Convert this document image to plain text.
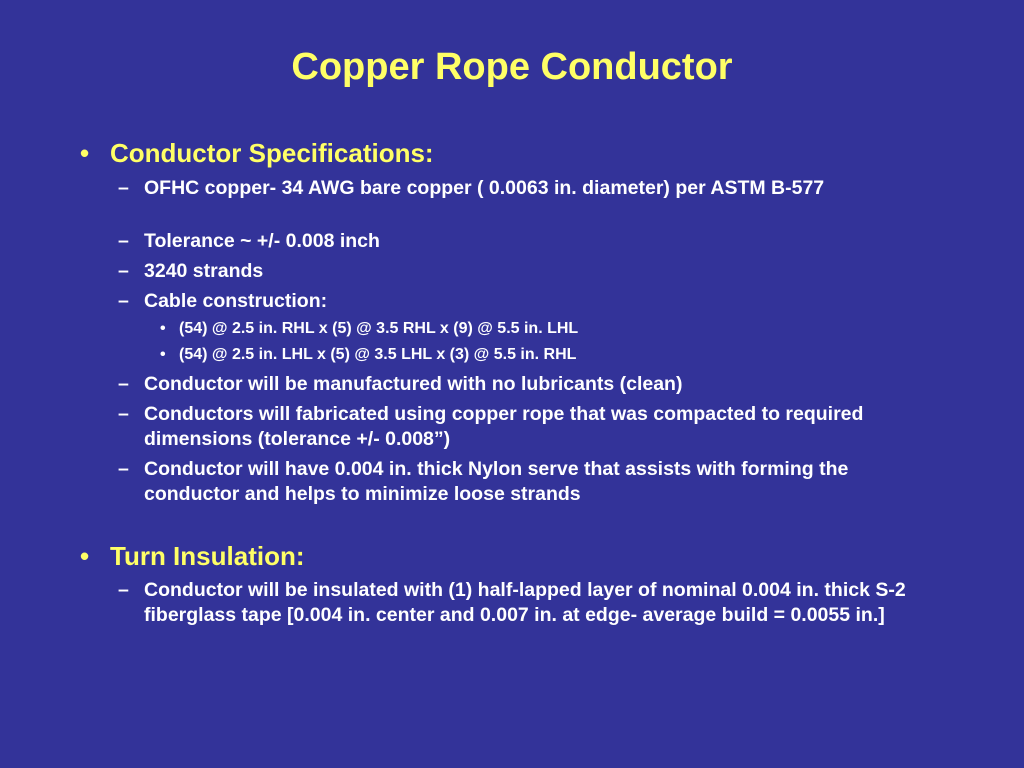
Copper Rope Conductor
• Conductor Specifications:
– OFHC copper- 34 AWG bare copper ( 0.0063 in. diameter) per ASTM B-577
– Tolerance ~ +/- 0.008 inch
– 3240 strands
– Cable construction:
• (54) @ 2.5 in. RHL x (5) @ 3.5 RHL x (9) @ 5.5 in. LHL
• (54) @ 2.5 in. LHL x (5) @ 3.5 LHL x (3) @ 5.5 in. RHL
– Conductor will be manufactured with no lubricants (clean)
– Conductors will fabricated using copper rope that was compacted to required dimensions (tolerance +/- 0.008”)
– Conductor will have 0.004 in. thick Nylon serve that assists with forming the conductor and helps to minimize loose strands
• Turn Insulation:
– Conductor will be insulated with (1) half-lapped layer of nominal 0.004 in. thick S-2 fiberglass tape [0.004 in. center and 0.007 in. at edge- average build = 0.0055 in.]
